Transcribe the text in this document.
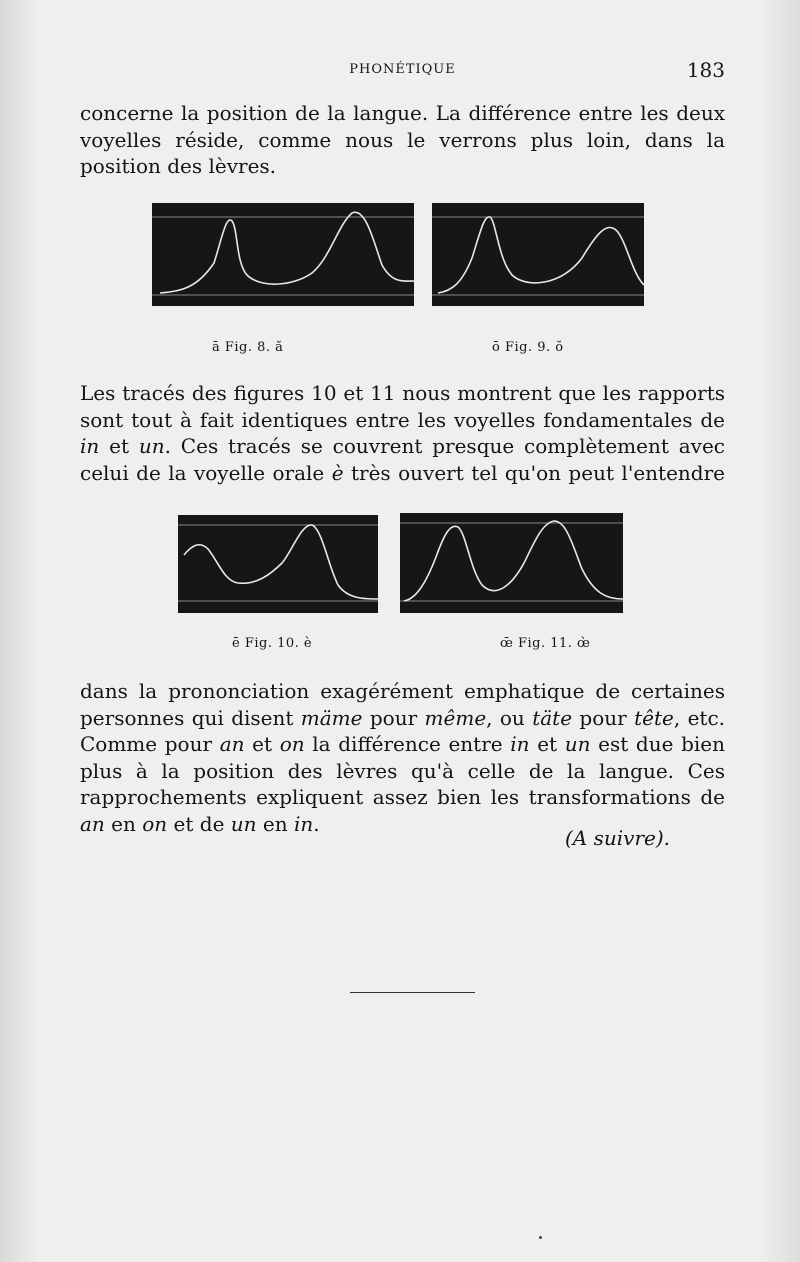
PHONÉTIQUE	183

concerne la position de la langue. La différence entre les deux voyelles réside, comme nous le verrons plus loin, dans la position des lèvres.

ā Fig. 8. ă	ō Fig. 9. ŏ

Les tracés des figures 10 et 11 nous montrent que les rapports sont tout à fait identiques entre les voyelles fondamentales de in et un. Ces tracés se couvrent presque complètement avec celui de la voyelle orale è très ouvert tel qu'on peut l'entendre

ē Fig. 10. è	œ̄ Fig. 11. œ̀

dans la prononciation exagérément emphatique de certaines personnes qui disent mäme pour même, ou täte pour tête, etc. Comme pour an et on la différence entre in et un est due bien plus à la position des lèvres qu'à celle de la langue. Ces rapprochements expliquent assez bien les transformations de an en on et de un en in.

(A suivre).
